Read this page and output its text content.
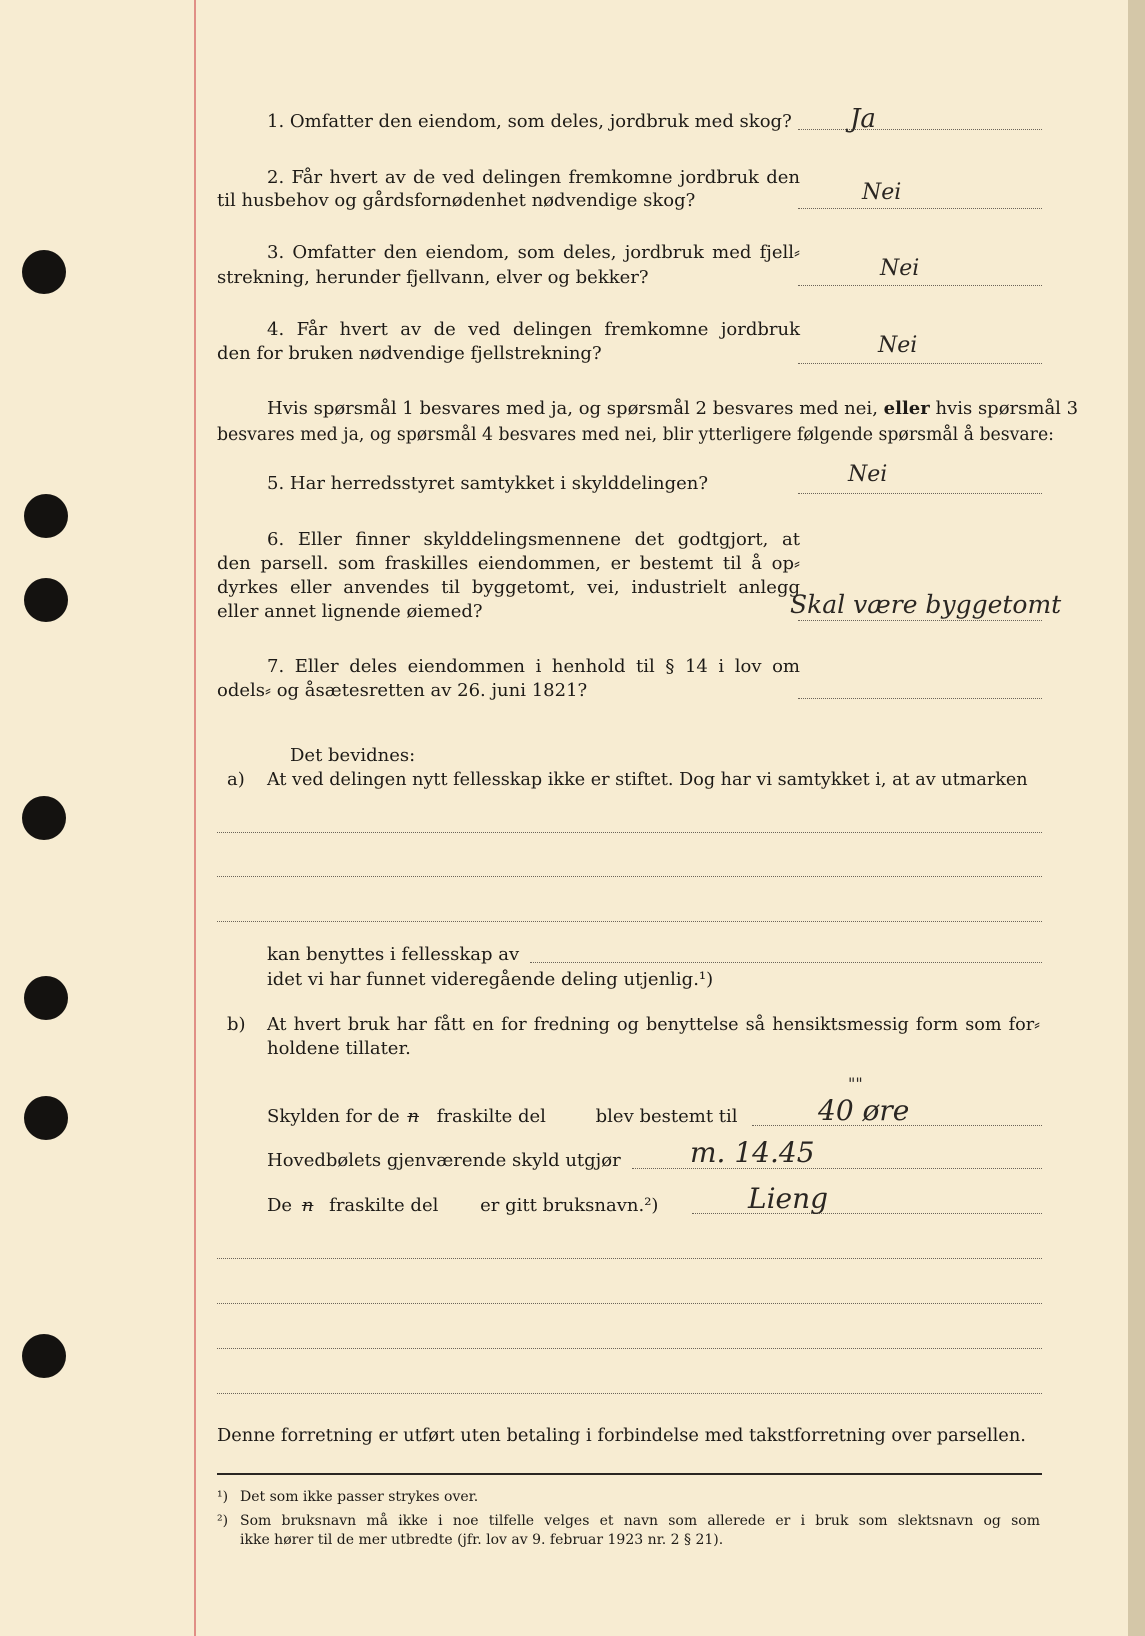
1. Omfatter den eiendom, som deles, jordbruk med skog? Ja
2. Får hvert av de ved delingen fremkomne jordbruk den
til husbehov og gårdsfornødenhet nødvendige skog?	Nei
3. Omfatter den eiendom, som deles, jordbruk med fjell⸗
strekning, herunder fjellvann, elver og bekker?	Nei
4. Får hvert av de ved delingen fremkomne jordbruk
den for bruken nødvendige fjellstrekning?	Nei
Hvis spørsmål 1 besvares med ja, og spørsmål 2 besvares med nei, eller hvis spørsmål 3
besvares med ja, og spørsmål 4 besvares med nei, blir ytterligere følgende spørsmål å besvare:
5. Har herredsstyret samtykket i skylddelingen?	Nei
6. Eller finner skylddelingsmennene det godtgjort, at
den parsell. som fraskilles eiendommen, er bestemt til å op⸗
dyrkes eller anvendes til byggetomt, vei, industrielt anlegg
eller annet lignende øiemed?	Skal være byggetomt
7. Eller deles eiendommen i henhold til § 14 i lov om
odels⸗ og åsætesretten av 26. juni 1821?
Det bevidnes:
a) At ved delingen nytt fellesskap ikke er stiftet. Dog har vi samtykket i, at av utmarken
kan benyttes i fellesskap av
idet vi har funnet videregående deling utjenlig.¹)
b) At hvert bruk har fått en for fredning og benyttelse så hensiktsmessig form som for⸗
holdene tillater.
Skylden for de n fraskilte del	blev bestemt til
""
40 øre
Hovedbølets gjenværende skyld utgjør m. 14.45
De n fraskilte del er gitt bruksnavn.²)	Lieng
Denne forretning er utført uten betaling i forbindelse med takstforretning over parsellen.
¹) Det som ikke passer strykes over.
²) Som bruksnavn må ikke i noe tilfelle velges et navn som allerede er i bruk som slektsnavn og som
ikke hører til de mer utbredte (jfr. lov av 9. februar 1923 nr. 2 § 21).
